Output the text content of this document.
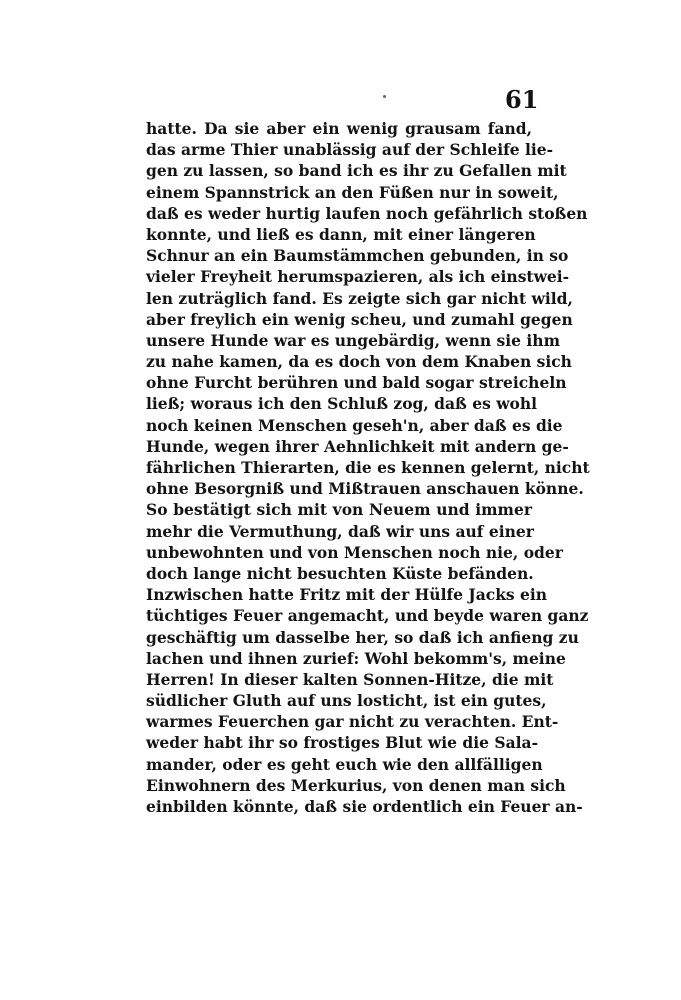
61
hatte. Da sie aber ein wenig grausam fand,
das arme Thier unablässig auf der Schleife lie-
gen zu lassen, so band ich es ihr zu Gefallen mit
einem Spannstrick an den Füßen nur in soweit,
daß es weder hurtig laufen noch gefährlich stoßen
konnte, und ließ es dann, mit einer längeren
Schnur an ein Baumstämmchen gebunden, in so
vieler Freyheit herumspazieren, als ich einstwei-
len zuträglich fand. Es zeigte sich gar nicht wild,
aber freylich ein wenig scheu, und zumahl gegen
unsere Hunde war es ungebärdig, wenn sie ihm
zu nahe kamen, da es doch von dem Knaben sich
ohne Furcht berühren und bald sogar streicheln
ließ; woraus ich den Schluß zog, daß es wohl
noch keinen Menschen geseh'n, aber daß es die
Hunde, wegen ihrer Aehnlichkeit mit andern ge-
fährlichen Thierarten, die es kennen gelernt, nicht
ohne Besorgniß und Mißtrauen anschauen könne.
So bestätigt sich mit von Neuem und immer
mehr die Vermuthung, daß wir uns auf einer
unbewohnten und von Menschen noch nie, oder
doch lange nicht besuchten Küste befänden.
Inzwischen hatte Fritz mit der Hülfe Jacks ein
tüchtiges Feuer angemacht, und beyde waren ganz
geschäftig um dasselbe her, so daß ich anfieng zu
lachen und ihnen zurief: Wohl bekomm's, meine
Herren! In dieser kalten Sonnen-Hitze, die mit
südlicher Gluth auf uns losticht, ist ein gutes,
warmes Feuerchen gar nicht zu verachten. Ent-
weder habt ihr so frostiges Blut wie die Sala-
mander, oder es geht euch wie den allfälligen
Einwohnern des Merkurius, von denen man sich
einbilden könnte, daß sie ordentlich ein Feuer an-
